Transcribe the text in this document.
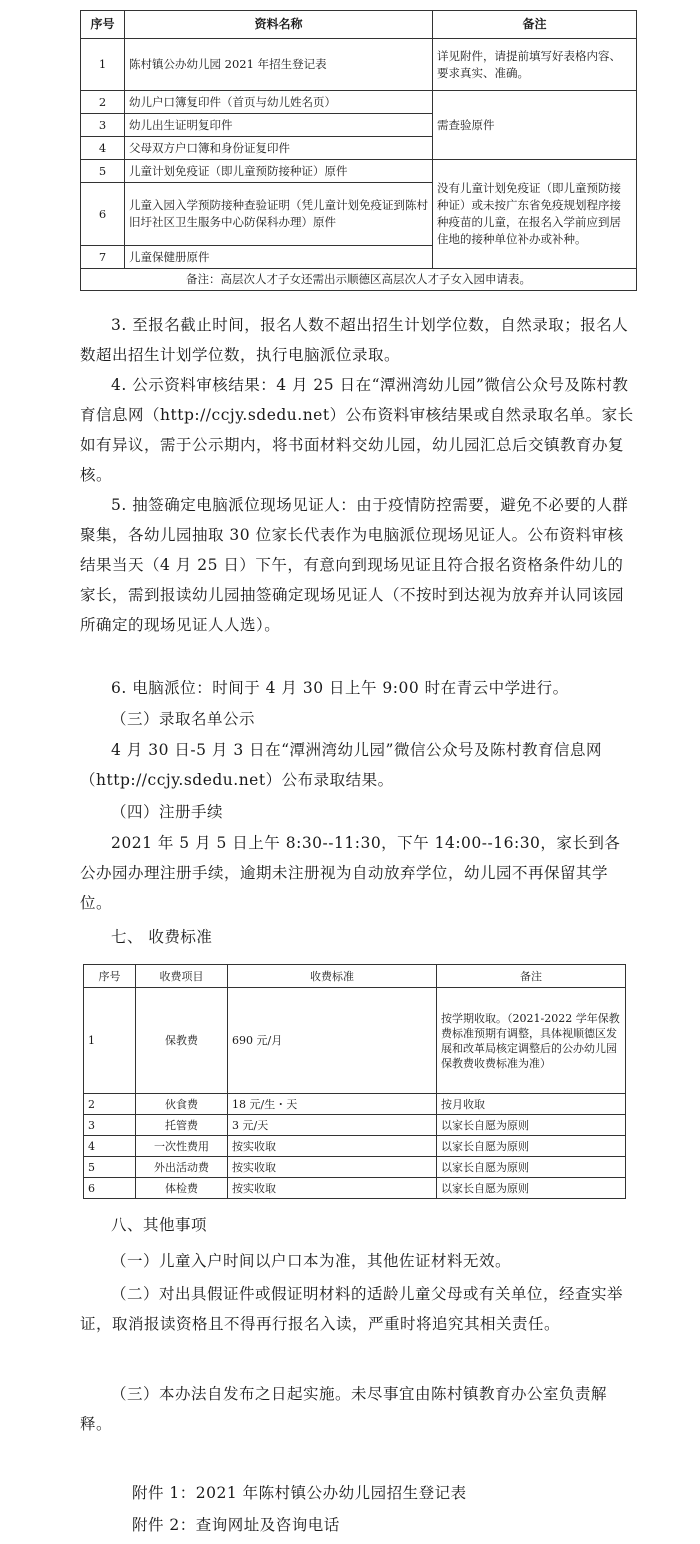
序号	资料名称	备注
1	陈村镇公办幼儿园 2021 年招生登记表	详见附件，请提前填写好表格内容、要求真实、准确。
2	幼儿户口簿复印件（首页与幼儿姓名页）	需查验原件
3	幼儿出生证明复印件	
4	父母双方户口簿和身份证复印件	
5	儿童计划免疫证（即儿童预防接种证）原件	没有儿童计划免疫证（即儿童预防接种证）或未按广东省免疫规划程序接种疫苗的儿童，在报名入学前应到居住地的接种单位补办或补种。
6	儿童入园入学预防接种查验证明（凭儿童计划免疫证到陈村旧圩社区卫生服务中心防保科办理）原件	
7	儿童保健册原件	
备注：高层次人才子女还需出示顺德区高层次人才子女入园申请表。		

3. 至报名截止时间，报名人数不超出招生计划学位数，自然录取；报名人数超出招生计划学位数，执行电脑派位录取。

4. 公示资料审核结果：4 月 25 日在“潭洲湾幼儿园”微信公众号及陈村教育信息网（http://ccjy.sdedu.net）公布资料审核结果或自然录取名单。家长如有异议，需于公示期内，将书面材料交幼儿园，幼儿园汇总后交镇教育办复核。

5. 抽签确定电脑派位现场见证人：由于疫情防控需要，避免不必要的人群聚集，各幼儿园抽取 30 位家长代表作为电脑派位现场见证人。公布资料审核结果当天（4 月 25 日）下午，有意向到现场见证且符合报名资格条件幼儿的家长，需到报读幼儿园抽签确定现场见证人（不按时到达视为放弃并认同该园所确定的现场见证人人选）。

6. 电脑派位：时间于 4 月 30 日上午 9:00 时在青云中学进行。

（三）录取名单公示

4 月 30 日-5 月 3 日在“潭洲湾幼儿园”微信公众号及陈村教育信息网（http://ccjy.sdedu.net）公布录取结果。

（四）注册手续

2021 年 5 月 5 日上午 8:30--11:30，下午 14:00--16:30，家长到各公办园办理注册手续，逾期未注册视为自动放弃学位，幼儿园不再保留其学位。

七、 收费标准

序号	收费项目	收费标准	备注
1	保教费	690 元/月	按学期收取。（2021-2022 学年保教费标准预期有调整，具体视顺德区发展和改革局核定调整后的公办幼儿园保教费收费标准为准）
2	伙食费	18 元/生・天	按月收取
3	托管费	3 元/天	以家长自愿为原则
4	一次性费用	按实收取	以家长自愿为原则
5	外出活动费	按实收取	以家长自愿为原则
6	体检费	按实收取	以家长自愿为原则

八、其他事项

（一）儿童入户时间以户口本为准，其他佐证材料无效。

（二）对出具假证件或假证明材料的适龄儿童父母或有关单位，经查实举证，取消报读资格且不得再行报名入读，严重时将追究其相关责任。

（三）本办法自发布之日起实施。未尽事宜由陈村镇教育办公室负责解释。

附件 1：2021 年陈村镇公办幼儿园招生登记表

附件 2：查询网址及咨询电话
